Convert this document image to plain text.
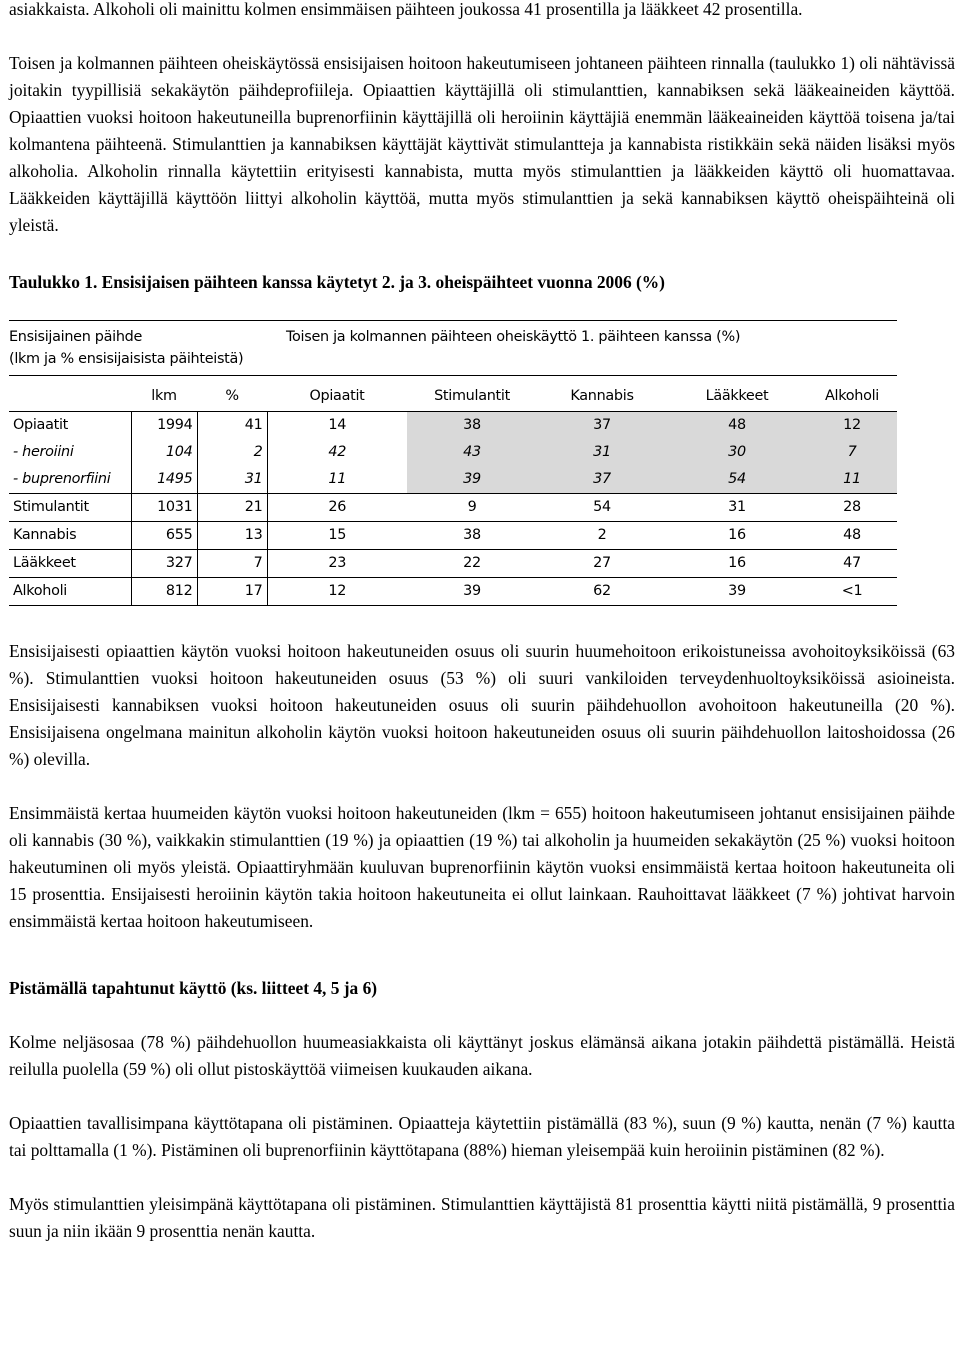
asiakkaista. Alkoholi oli mainittu kolmen ensimmäisen päihteen joukossa 41 prosentilla ja lääkkeet 42 prosentilla.

Toisen ja kolmannen päihteen oheiskäytössä ensisijaisen hoitoon hakeutumiseen johtaneen päihteen rinnalla (taulukko 1) oli nähtävissä joitakin tyypillisiä sekakäytön päihdeprofiileja. Opiaattien käyttäjillä oli stimulanttien, kannabiksen sekä lääkeaineiden käyttöä. Opiaattien vuoksi hoitoon hakeutuneilla buprenorfiinin käyttäjillä oli heroiinin käyttäjiä enemmän lääkeaineiden käyttöä toisena ja/tai kolmantena päihteenä. Stimulanttien ja kannabiksen käyttäjät käyttivät stimulantteja ja kannabista ristikkäin sekä näiden lisäksi myös alkoholia. Alkoholin rinnalla käytettiin erityisesti kannabista, mutta myös stimulanttien ja lääkkeiden käyttö oli huomattavaa. Lääkkeiden käyttäjillä käyttöön liittyi alkoholin käyttöä, mutta myös stimulanttien ja sekä kannabiksen käyttö oheispäihteinä oli yleistä.

Taulukko 1. Ensisijaisen päihteen kanssa käytetyt 2. ja 3. oheispäihteet vuonna 2006 (%)
Ensisijainen päihde
(lkm ja % ensisijaisista päihteistä)
Toisen ja kolmannen päihteen oheiskäyttö 1. päihteen kanssa (%)
	lkm	%	Opiaatit	Stimulantit	Kannabis	Lääkkeet	Alkoholi
Opiaatit	1994	41	14	38	37	48	12
- heroiini	104	2	42	43	31	30	7
- buprenorfiini	1495	31	11	39	37	54	11
Stimulantit	1031	21	26	9	54	31	28
Kannabis	655	13	15	38	2	16	48
Lääkkeet	327	7	23	22	27	16	47
Alkoholi	812	17	12	39	62	39	<1

Ensisijaisesti opiaattien käytön vuoksi hoitoon hakeutuneiden osuus oli suurin huumehoitoon erikoistuneissa avohoitoyksiköissä (63 %). Stimulanttien vuoksi hoitoon hakeutuneiden osuus (53 %) oli suuri vankiloiden terveydenhuoltoyksiköissä asioineista. Ensisijaisesti kannabiksen vuoksi hoitoon hakeutuneiden osuus oli suurin päihdehuollon avohoitoon hakeutuneilla (20 %). Ensisijaisena ongelmana mainitun alkoholin käytön vuoksi hoitoon hakeutuneiden osuus oli suurin päihdehuollon laitoshoidossa (26 %) olevilla.

Ensimmäistä kertaa huumeiden käytön vuoksi hoitoon hakeutuneiden (lkm = 655) hoitoon hakeutumiseen johtanut ensisijainen päihde oli kannabis (30 %), vaikkakin stimulanttien (19 %) ja opiaattien (19 %) tai alkoholin ja huumeiden sekakäytön (25 %) vuoksi hoitoon hakeutuminen oli myös yleistä. Opiaattiryhmään kuuluvan buprenorfiinin käytön vuoksi ensimmäistä kertaa hoitoon hakeutuneita oli 15 prosenttia. Ensijaisesti heroiinin käytön takia hoitoon hakeutuneita ei ollut lainkaan. Rauhoittavat lääkkeet (7 %) johtivat harvoin ensimmäistä kertaa hoitoon hakeutumiseen.

Pistämällä tapahtunut käyttö (ks. liitteet 4, 5 ja 6)

Kolme neljäsosaa (78 %) päihdehuollon huumeasiakkaista oli käyttänyt joskus elämänsä aikana jotakin päihdettä pistämällä. Heistä reilulla puolella (59 %) oli ollut pistoskäyttöä viimeisen kuukauden aikana.

Opiaattien tavallisimpana käyttötapana oli pistäminen. Opiaatteja käytettiin pistämällä (83 %), suun (9 %) kautta, nenän (7 %) kautta tai polttamalla (1 %). Pistäminen oli buprenorfiinin käyttötapana (88%) hieman yleisempää kuin heroiinin pistäminen (82 %).

Myös stimulanttien yleisimpänä käyttötapana oli pistäminen. Stimulanttien käyttäjistä 81 prosenttia käytti niitä pistämällä, 9 prosenttia suun ja niin ikään 9 prosenttia nenän kautta.
